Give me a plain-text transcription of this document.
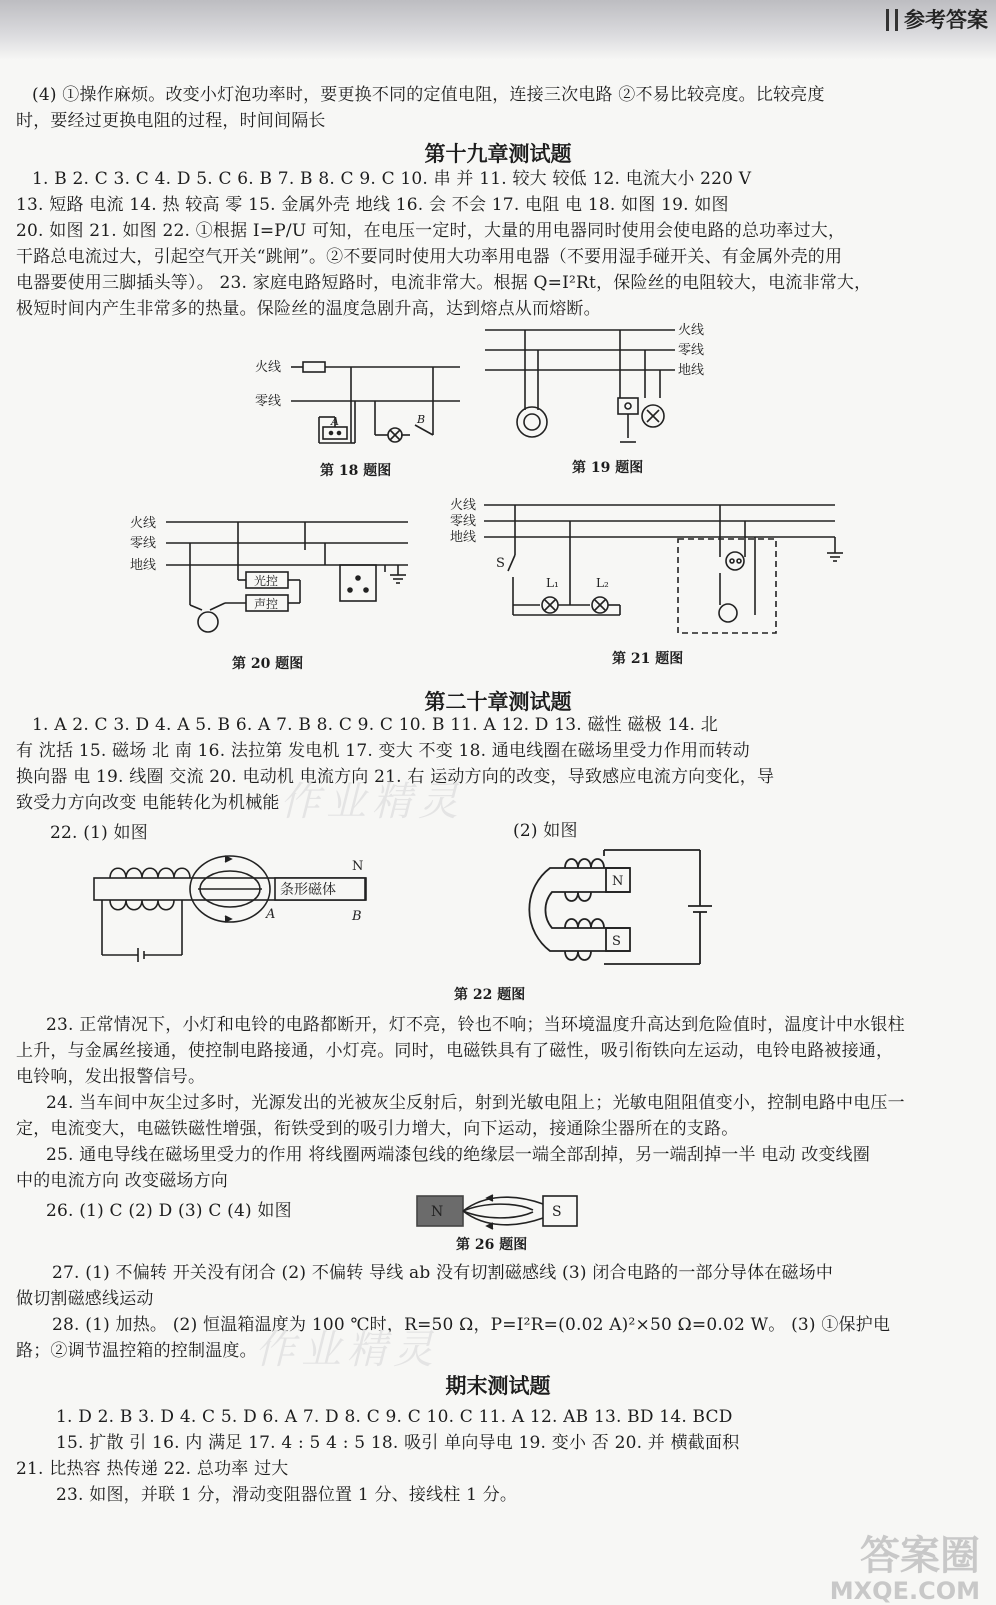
参考答案
(4) ①操作麻烦。改变小灯泡功率时，要更换不同的定值电阻，连接三次电路 ②不易比较亮度。比较亮度
时，要经过更换电阻的过程，时间间隔长
第十九章测试题
1. B 2. C 3. C 4. D 5. C 6. B 7. B 8. C 9. C 10. 串 并 11. 较大 较低 12. 电流大小 220 V
13. 短路 电流 14. 热 较高 零 15. 金属外壳 地线 16. 会 不会 17. 电阻 电 18. 如图 19. 如图
20. 如图 21. 如图 22. ①根据 I=P/U 可知，在电压一定时，大量的用电器同时使用会使电路的总功率过大，
干路总电流过大，引起空气开关“跳闸”。②不要同时使用大功率用电器（不要用湿手碰开关、有金属外壳的用
电器要使用三脚插头等）。 23. 家庭电路短路时，电流非常大。根据 Q=I²Rt，保险丝的电阻较大，电流非常大，
极短时间内产生非常多的热量。保险丝的温度急剧升高，达到熔点从而熔断。
火线
零线
A	B
第 18 题图
火线
零线
地线
第 19 题图
火线
零线
地线
光控
声控
第 20 题图
火线
零线
地线
S
L₁	L₂
第 21 题图
第二十章测试题
1. A 2. C 3. D 4. A 5. B 6. A 7. B 8. C 9. C 10. B 11. A 12. D 13. 磁性 磁极 14. 北
有 沈括 15. 磁场 北 南 16. 法拉第 发电机 17. 变大 不变 18. 通电线圈在磁场里受力作用而转动
换向器 电 19. 线圈 交流 20. 电动机 电流方向 21. 右 运动方向的改变，导致感应电流方向变化，导
致受力方向改变 电能转化为机械能
22. (1) 如图	(2) 如图
条形磁体
N
A	B
N
S
第 22 题图
23. 正常情况下，小灯和电铃的电路都断开，灯不亮，铃也不响；当环境温度升高达到危险值时，温度计中水银柱
上升，与金属丝接通，使控制电路接通，小灯亮。同时，电磁铁具有了磁性，吸引衔铁向左运动，电铃电路被接通，
电铃响，发出报警信号。
24. 当车间中灰尘过多时，光源发出的光被灰尘反射后，射到光敏电阻上；光敏电阻阻值变小，控制电路中电压一
定，电流变大，电磁铁磁性增强，衔铁受到的吸引力增大，向下运动，接通除尘器所在的支路。
25. 通电导线在磁场里受力的作用 将线圈两端漆包线的绝缘层一端全部刮掉，另一端刮掉一半 电动 改变线圈
中的电流方向 改变磁场方向
26. (1) C (2) D (3) C (4) 如图	N	S
第 26 题图
27. (1) 不偏转 开关没有闭合 (2) 不偏转 导线 ab 没有切割磁感线 (3) 闭合电路的一部分导体在磁场中
做切割磁感线运动
28. (1) 加热。 (2) 恒温箱温度为 100 ℃时，R=50 Ω，P=I²R=(0.02 A)²×50 Ω=0.02 W。 (3) ①保护电
路；②调节温控箱的控制温度。
期末测试题
1. D 2. B 3. D 4. C 5. D 6. A 7. D 8. C 9. C 10. C 11. A 12. AB 13. BD 14. BCD
15. 扩散 引 16. 内 满足 17. 4 : 5 4 : 5 18. 吸引 单向导电 19. 变小 否 20. 并 横截面积
21. 比热容 热传递 22. 总功率 过大
23. 如图，并联 1 分，滑动变阻器位置 1 分、接线柱 1 分。
作业精灵
作业精灵
答案圈
MXQE.COM
